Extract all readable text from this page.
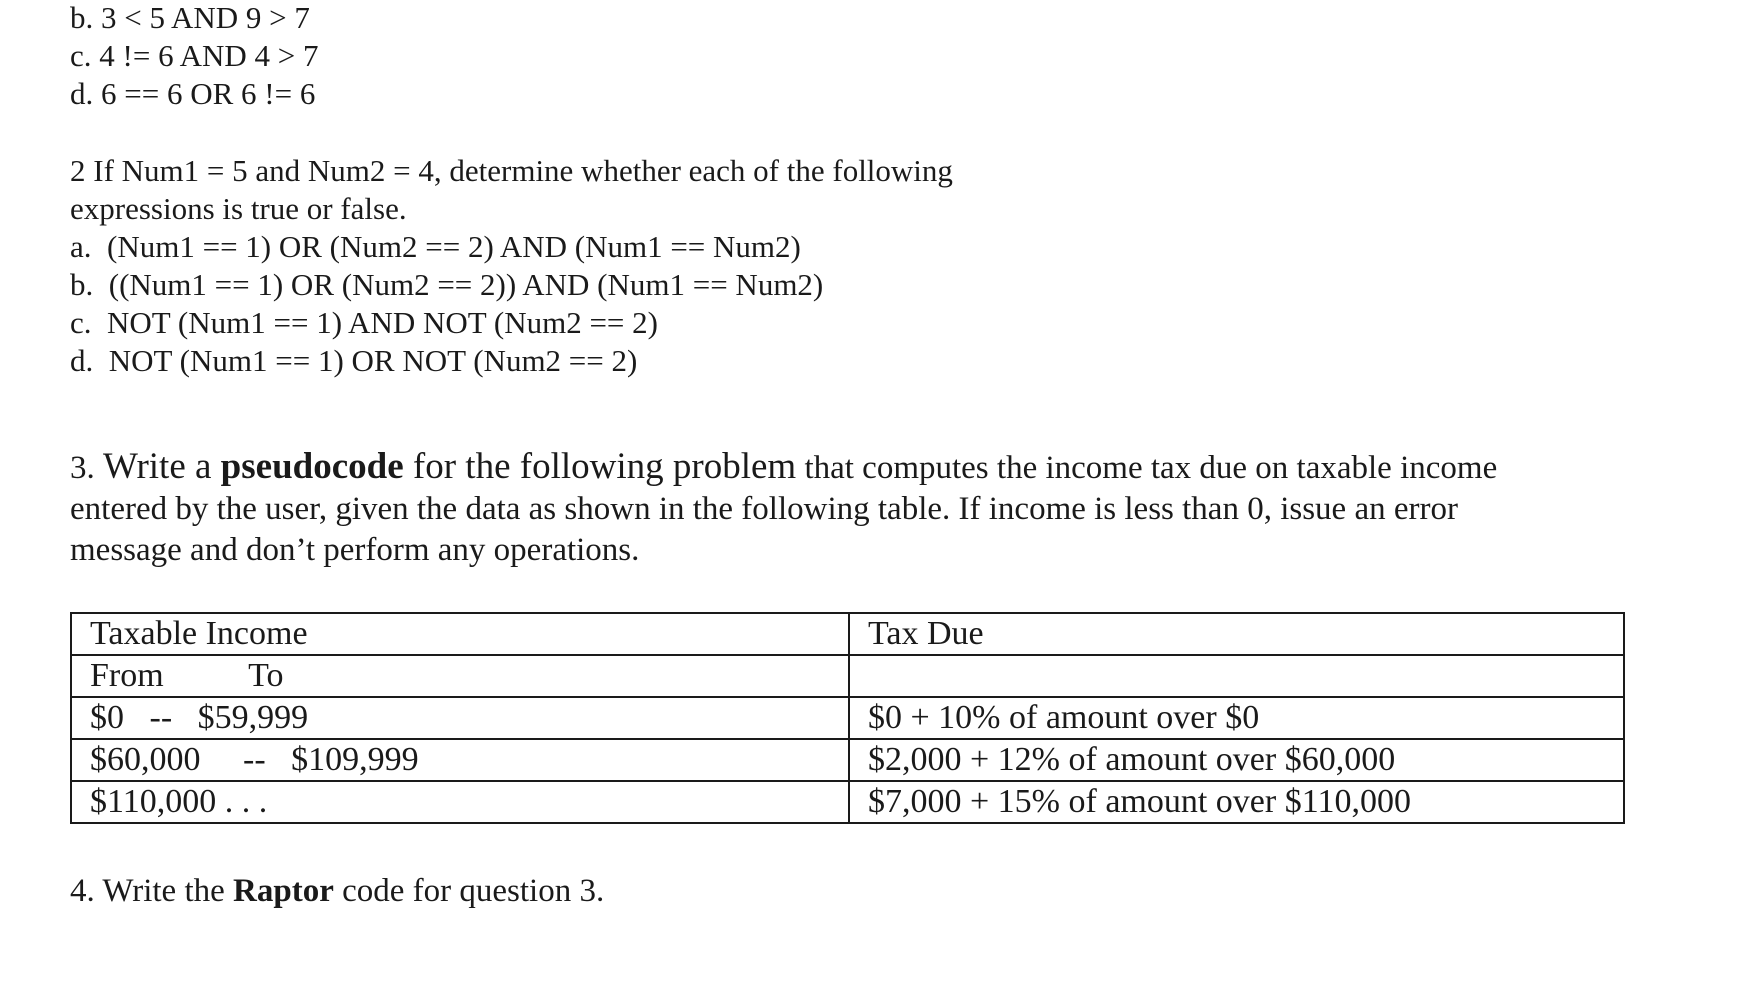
b. 3 < 5 AND 9 > 7
c. 4 != 6 AND 4 > 7
d. 6 == 6 OR 6 != 6
2 If Num1 = 5 and Num2 = 4, determine whether each of the following
expressions is true or false.
a.  (Num1 == 1) OR (Num2 == 2) AND (Num1 == Num2)
b.  ((Num1 == 1) OR (Num2 == 2)) AND (Num1 == Num2)
c.  NOT (Num1 == 1) AND NOT (Num2 == 2)
d.  NOT (Num1 == 1) OR NOT (Num2 == 2)
3. Write a pseudocode for the following problem that computes the income tax due on taxable income
entered by the user, given the data as shown in the following table. If income is less than 0, issue an error
message and don’t perform any operations.
Taxable Income	Tax Due
From          To	
$0   --   $59,999	$0 + 10% of amount over $0
$60,000     --   $109,999	$2,000 + 12% of amount over $60,000
$110,000 . . .	$7,000 + 15% of amount over $110,000
4. Write the Raptor code for question 3.
